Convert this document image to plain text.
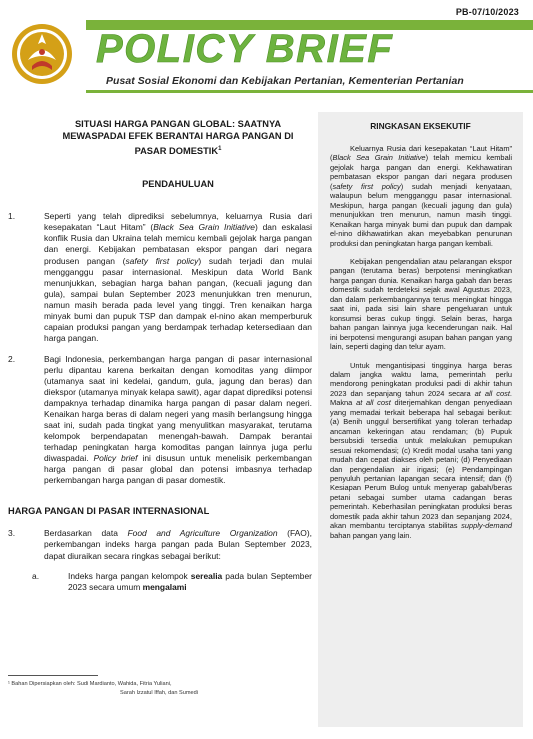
PB-07/10/2023
POLICY BRIEF
Pusat Sosial Ekonomi dan Kebijakan Pertanian, Kementerian Pertanian
SITUASI HARGA PANGAN GLOBAL: SAATNYA MEWASPADAI EFEK BERANTAI HARGA PANGAN DI PASAR DOMESTIK$^1$
PENDAHULUAN
1.	Seperti yang telah diprediksi sebelumnya, keluarnya Rusia dari kesepakatan “Laut Hitam” (Black Sea Grain Initiative) dan eskalasi konflik Rusia dan Ukraina telah memicu kembali gejolak harga pangan dan energi. Kebijakan pembatasan ekspor pangan dari negara produsen pangan (safety first policy) sudah terjadi dan mulai mengganggu pasar internasional. Meskipun data World Bank menunjukkan, sebagian harga bahan pangan, (kecuali jagung dan gula), sampai bulan September 2023 menunjukkan tren menurun, namun masih berada pada level yang tinggi. Tren kenaikan harga minyak bumi dan pupuk TSP dan dampak el-nino akan memperburuk capaian produksi pangan yang berdampak terhadap ketersediaan dan harga pangan.
2.	Bagi Indonesia, perkembangan harga pangan di pasar internasional perlu dipantau karena berkaitan dengan komoditas yang diimpor (utamanya saat ini kedelai, gandum, gula, jagung dan beras) dan diekspor (utamanya minyak kelapa sawit), agar dapat diprediksi potensi dampaknya terhadap dinamika harga pangan di pasar dalam negeri. Kenaikan harga beras di dalam negeri yang masih berlangsung hingga saat ini, sudah pada tingkat yang menyulitkan masyarakat, terutama kelompok berpendapatan menengah-bawah. Dampak berantai terhadap peningkatan harga komoditas pangan lainnya juga perlu diwaspadai. Policy brief ini disusun untuk menelisik perkembangan harga pangan di pasar global dan potensi imbasnya terhadap perkembangan harga pangan di pasar domestik.
HARGA PANGAN DI PASAR INTERNASIONAL
3.	Berdasarkan data Food and Agriculture Organization (FAO), perkembangan indeks harga pangan pada Bulan September 2023, dapat diuraikan secara ringkas sebagai berikut:
a.	Indeks harga pangan kelompok serealia pada bulan September 2023 secara umum mengalami
¹ Bahan Dipersiapkan oleh: Sudi Mardianto, Wahida, Fitria Yuliani,
Sarah Izzatul Iffah, dan Sumedi
RINGKASAN EKSEKUTIF

Keluarnya Rusia dari kesepakatan “Laut Hitam” (Black Sea Grain Initiative) telah memicu kembali gejolak harga pangan dan energi. Kekhawatiran pembatasan ekspor pangan dari negara produsen (safety first policy) sudah menjadi kenyataan, walaupun belum mengganggu pasar internasional. Meskipun, harga pangan (kecuali jagung dan gula) menunjukkan tren menurun, namun masih tinggi. Kenaikan harga minyak bumi dan pupuk dan dampak el-nino dikhawatirkan akan meyebabkan penurunan produksi dan peningkatan harga pangan kembali.

Kebijakan pengendalian atau pelarangan ekspor pangan (terutama beras) berpotensi meningkatkan harga pangan dunia. Kenaikan harga gabah dan beras domestik sudah terdeteksi sejak awal Agustus 2023, dan dalam perkembangannya terus meningkat hingga saat ini, pada sisi lain share pengeluaran untuk konsumsi beras cukup tinggi. Selain beras, harga bahan pangan lainnya juga kecenderungan naik. Hal ini berpotensi mengurangi asupan bahan pangan yang lain, seperti daging dan telur ayam.

Untuk mengantisipasi tingginya harga beras dalam jangka waktu lama, pemerintah perlu mendorong peningkatan produksi padi di akhir tahun 2023 dan sepanjang tahun 2024 secara at all cost. Makna at all cost diterjemahkan dengan penyediaan yang memadai terkait beberapa hal sebagai berikut: (a) Benih unggul bersertifikat yang toleran terhadap ancaman kekeringan atau rendaman; (b) Pupuk bersubsidi tersedia untuk melakukan pemupukan sesuai rekomendasi; (c) Kredit modal usaha tani yang mudah dan cepat diakses oleh petani; (d) Penyediaan dan pengendalian air irigasi; (e) Pendampingan penyuluh pertanian lapangan secara intensif; dan (f) Kesiapan Perum Bulog untuk menyerap gabah/beras petani sebagai sumber utama cadangan beras pemerintah. Keberhasilan peningkatan produksi beras domestik pada akhir tahun 2023 dan sepanjang 2024, akan membantu terciptanya stabilitas supply-demand bahan pangan yang lain.
